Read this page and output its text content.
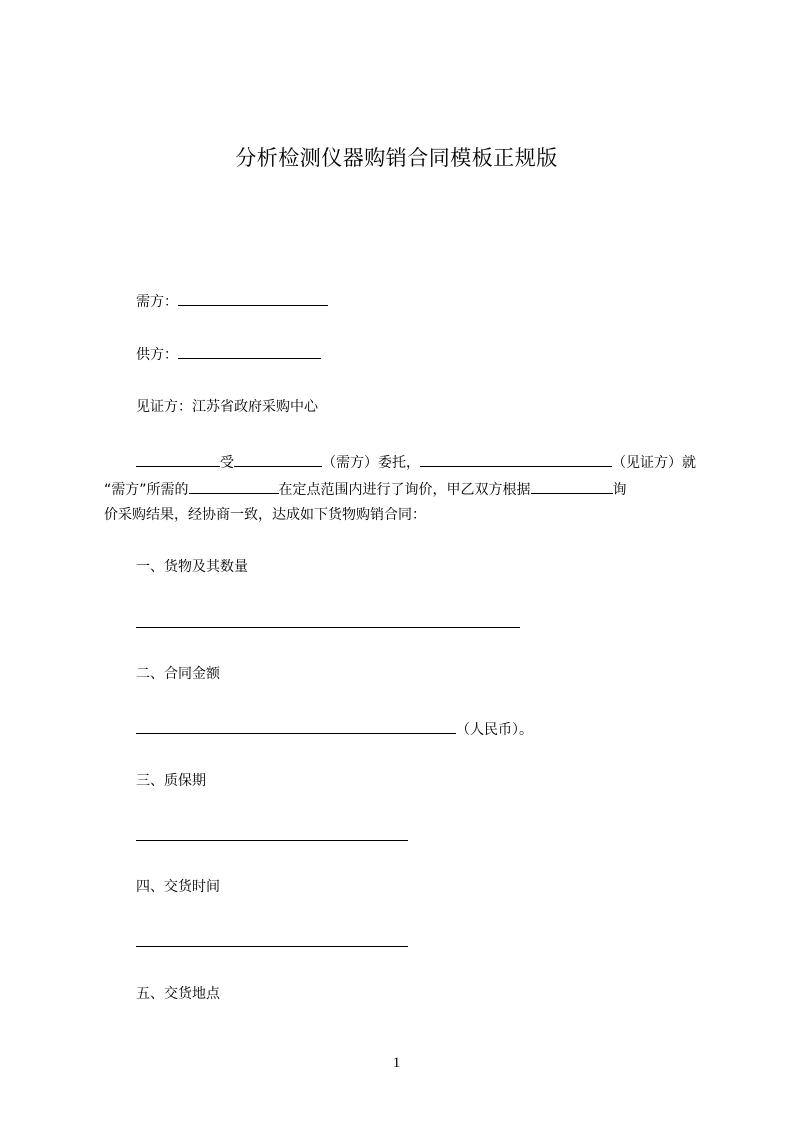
分析检测仪器购销合同模板正规版
需方：
供方：
见证方：江苏省政府采购中心
受	（需方）委托，	（见证方）就
“需方”所需的	在定点范围内进行了询价，甲乙双方根据	询
价采购结果，经协商一致，达成如下货物购销合同：
一、货物及其数量
二、合同金额
（人民币）。
三、质保期
四、交货时间
五、交货地点
1
